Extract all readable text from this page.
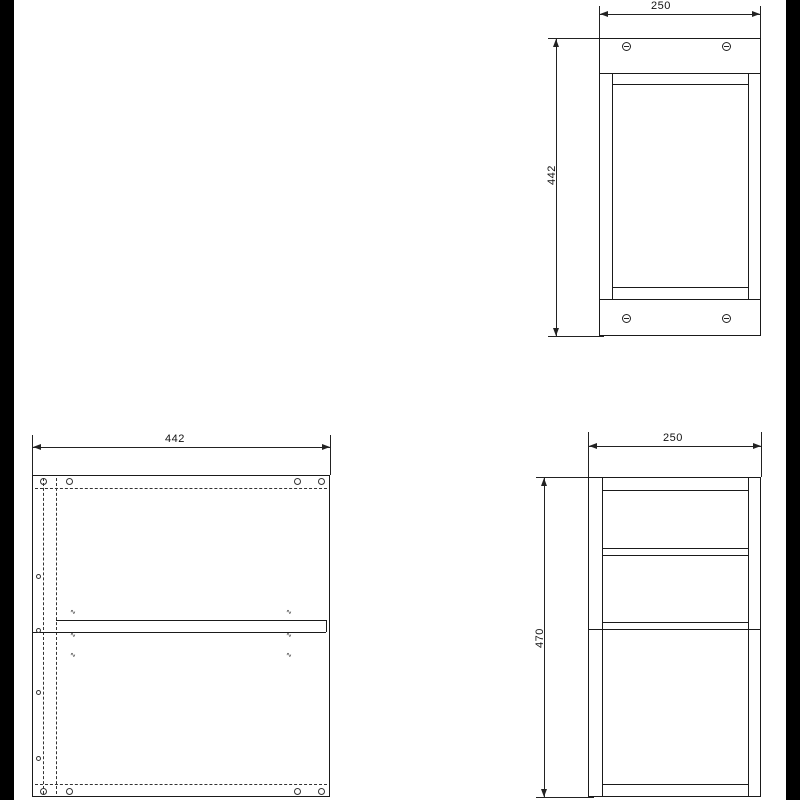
250
442
442
∿
∿
∿
∿
∿
∿
250
470
